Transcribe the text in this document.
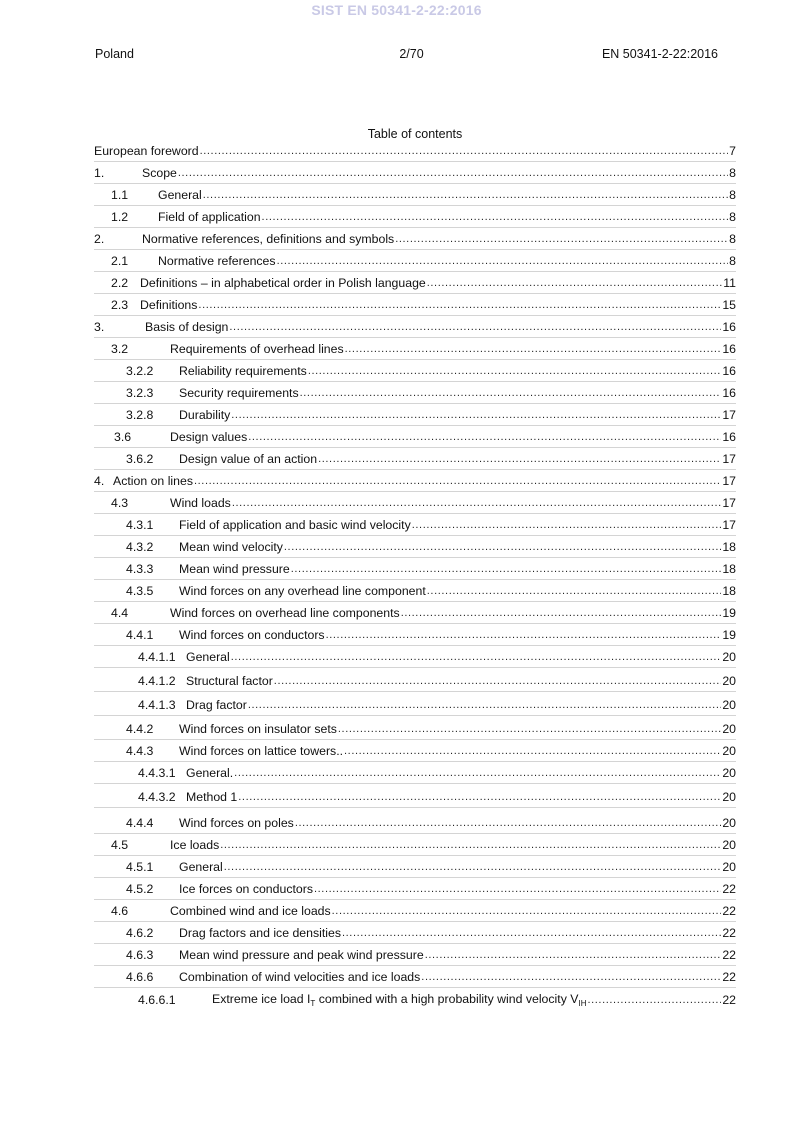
SIST EN 50341-2-22:2016
Poland	2/70	EN 50341-2-22:2016
Table of contents
European foreword .....	7
1.	Scope .....	8
1.1	General .....	8
1.2	Field of application .....	8
2.	Normative references, definitions and symbols .....	8
2.1	Normative references .....	8
2.2 Definitions – in alphabetical order in Polish language .....	11
2.3 Definitions .....	15
3.	Basis of design .....	16
3.2	Requirements of overhead lines .....	16
3.2.2	Reliability requirements .....	16
3.2.3	Security requirements .....	16
3.2.8	Durability .....	17
3.6	Design values .....	16
3.6.2	Design value of an action .....	17
4. Action on lines .....	17
4.3	Wind loads .....	17
4.3.1	Field of application and basic wind velocity .....	17
4.3.2	Mean wind velocity .....	18
4.3.3	Mean wind pressure .....	18
4.3.5	Wind forces on any overhead line component .....	18
4.4	Wind forces on overhead line components .....	19
4.4.1	Wind forces on conductors .....	19
4.4.1.1 General .....	20
4.4.1.2 Structural factor .....	20
4.4.1.3 Drag factor .....	20
4.4.2	Wind forces on insulator sets .....	20
4.4.3	Wind forces on lattice towers.. .....	20
4.4.3.1 General. .....	20
4.4.3.2 Method 1 .....	20
4.4.4	Wind forces on poles .....	20
4.5	Ice loads .....	20
4.5.1	General .....	20
4.5.2	Ice forces on conductors .....	22
4.6	Combined wind and ice loads .....	22
4.6.2	Drag factors and ice densities .....	22
4.6.3	Mean wind pressure and peak wind pressure .....	22
4.6.6	Combination of wind velocities and ice loads .....	22
4.6.6.1	Extreme ice load $I_T$ combined with a high probability wind velocity $V_{IH}$ .....	22
